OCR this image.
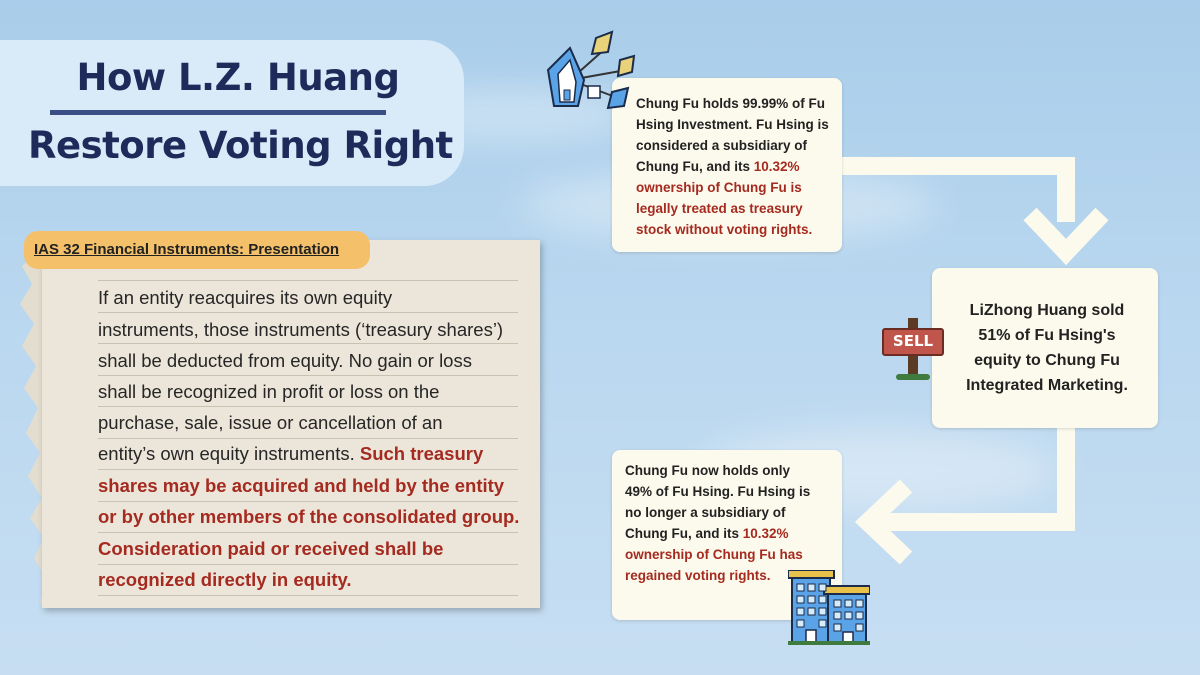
How L.Z. Huang
Restore Voting Right
IAS 32 Financial Instruments: Presentation
If an entity reacquires its own equity
instruments, those instruments (‘treasury shares’)
shall be deducted from equity. No gain or loss
shall be recognized in profit or loss on the
purchase, sale, issue or cancellation of an
entity’s own equity instruments. Such treasury
shares may be acquired and held by the entity
or by other members of the consolidated group.
Consideration paid or received shall be
recognized directly in equity.
Chung Fu holds 99.99% of Fu
Hsing Investment. Fu Hsing is
considered a subsidiary of
Chung Fu, and its 10.32%
ownership of Chung Fu is
legally treated as treasury
stock without voting rights.
LiZhong Huang sold
51% of Fu Hsing's
equity to Chung Fu
Integrated Marketing.
SELL
Chung Fu now holds only
49% of Fu Hsing. Fu Hsing is
no longer a subsidiary of
Chung Fu, and its 10.32%
ownership of Chung Fu has
regained voting rights.
